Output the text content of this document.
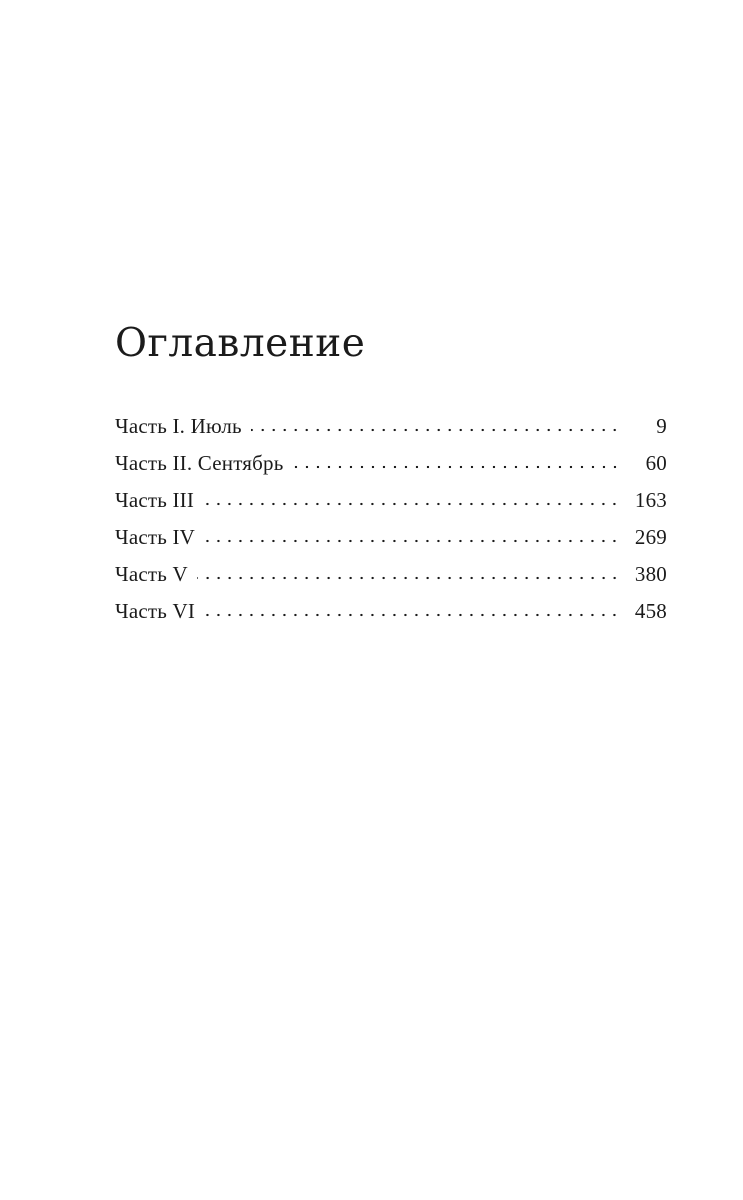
Оглавление
Часть I. Июль	9
Часть II. Сентябрь	60
Часть III	163
Часть IV	269
Часть V	380
Часть VI	458
